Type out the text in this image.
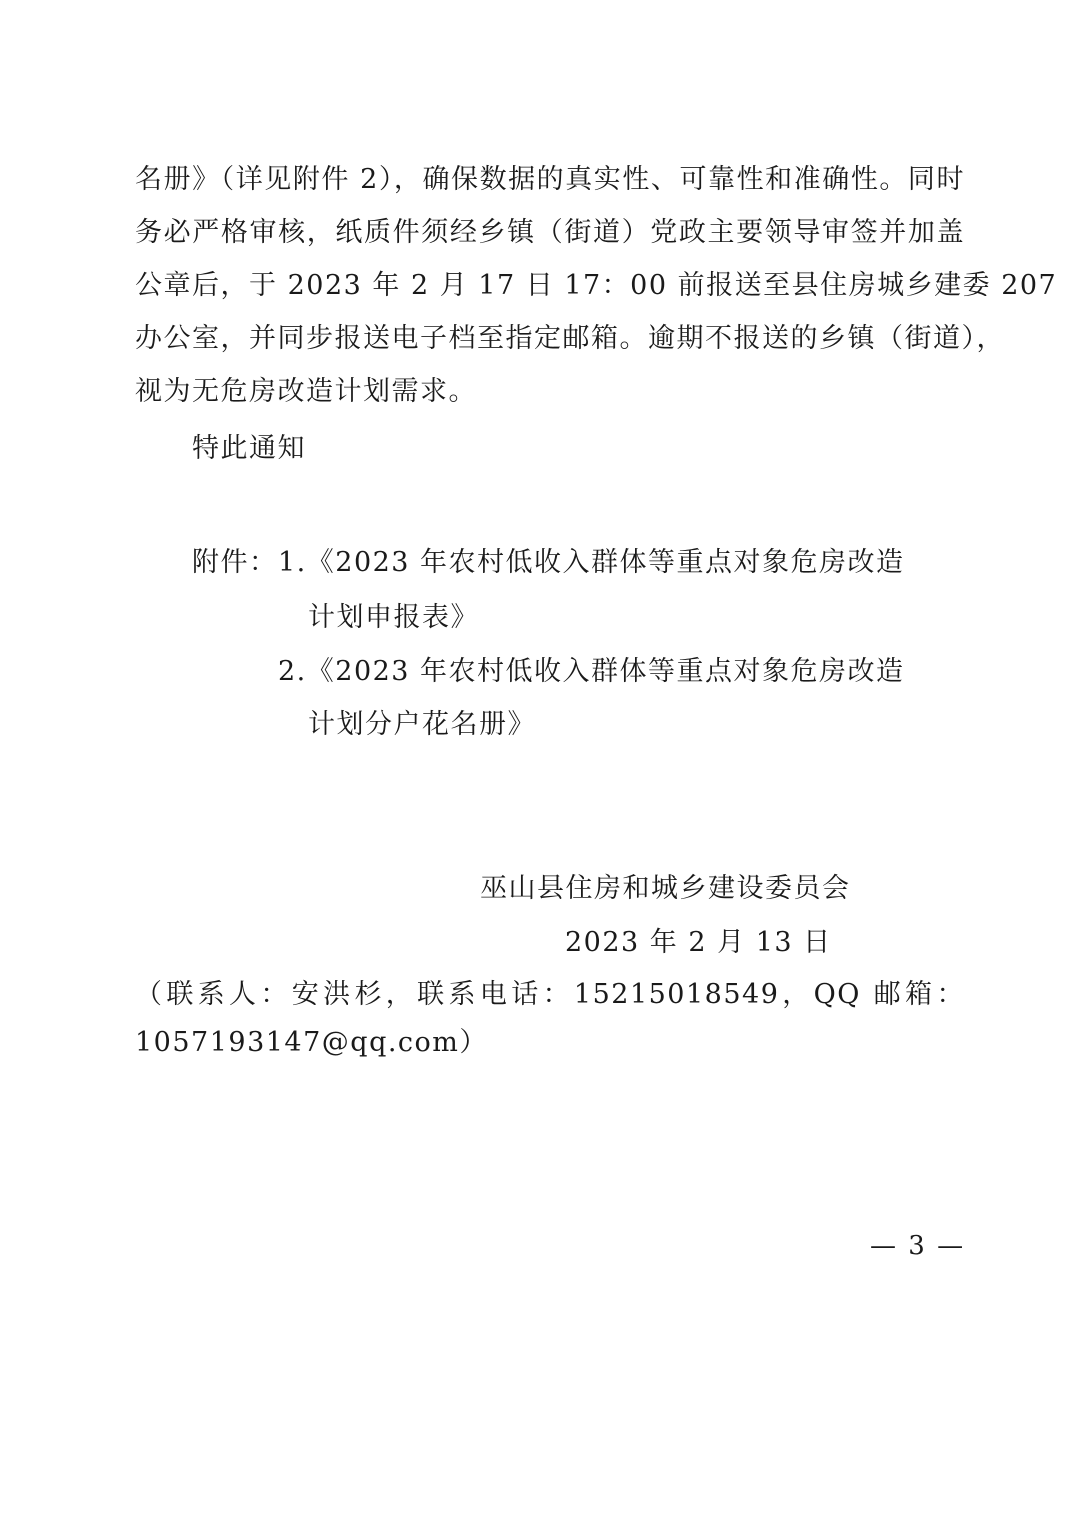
名册》（详见附件 2），确保数据的真实性、可靠性和准确性。同时
务必严格审核，纸质件须经乡镇（街道）党政主要领导审签并加盖
公章后，于 2023 年 2 月 17 日 17：00 前报送至县住房城乡建委 207
办公室，并同步报送电子档至指定邮箱。逾期不报送的乡镇（街道），
视为无危房改造计划需求。
特此通知
附件： 1.《2023 年农村低收入群体等重点对象危房改造
计划申报表》
2.《2023 年农村低收入群体等重点对象危房改造
计划分户花名册》
巫山县住房和城乡建设委员会
2023 年 2 月 13 日
（联系人：安洪杉，联系电话：15215018549，QQ 邮箱：
1057193147@qq.com）
— 3 —
